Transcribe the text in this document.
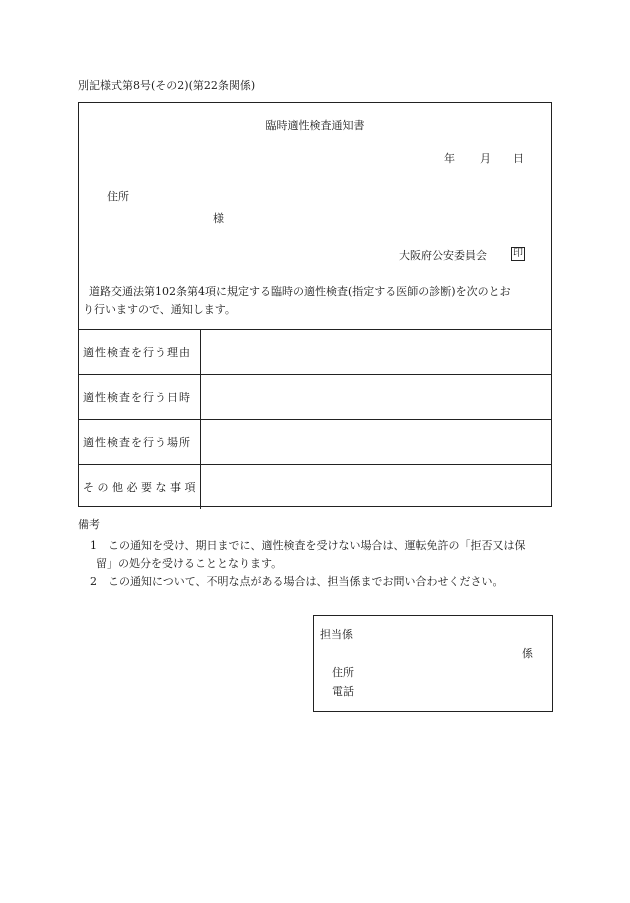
別記様式第8号(その2)(第22条関係)
臨時適性検査通知書
年 月 日
住所
様
大阪府公安委員会	印
道路交通法第102条第4項に規定する臨時の適性検査(指定する医師の診断)を次のとお
り行いますので、通知します。
適性検査を行う理由
適性検査を行う日時
適性検査を行う場所
そ の 他 必 要 な 事 項
備考
1　この通知を受け、期日までに、適性検査を受けない場合は、運転免許の「拒否又は保
留」の処分を受けることとなります。
2　この通知について、不明な点がある場合は、担当係までお問い合わせください。
担当係
係
住所
電話
